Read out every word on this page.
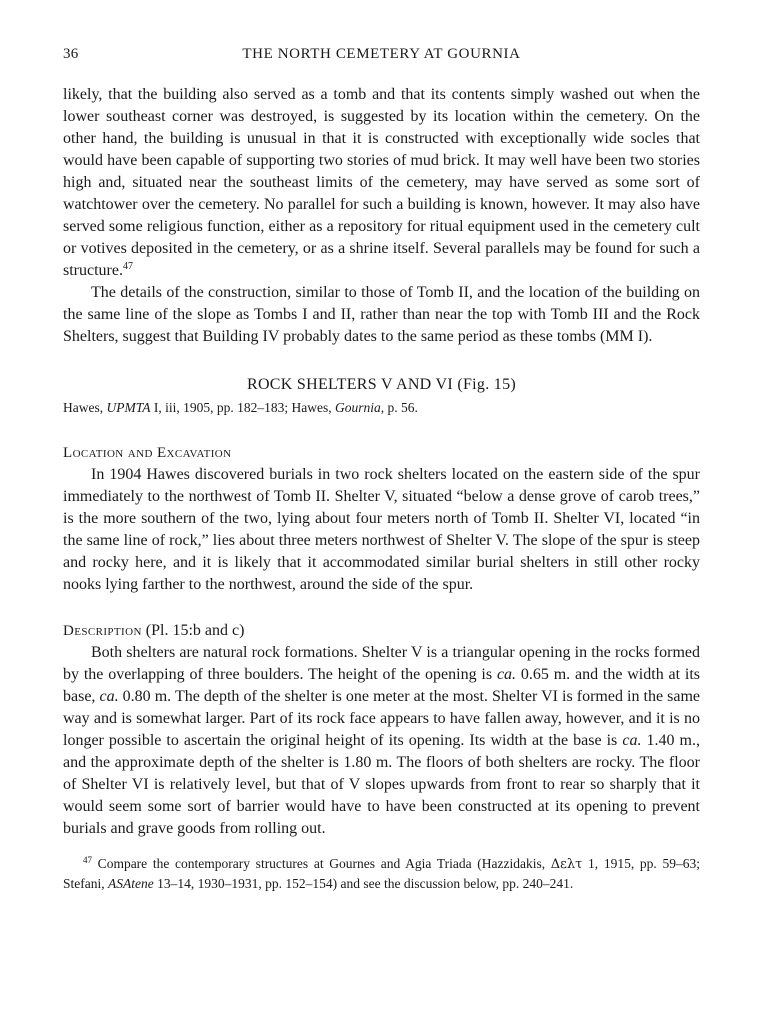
36	THE NORTH CEMETERY AT GOURNIA

likely, that the building also served as a tomb and that its contents simply washed out when the lower southeast corner was destroyed, is suggested by its location within the cemetery. On the other hand, the building is unusual in that it is constructed with exceptionally wide socles that would have been capable of supporting two stories of mud brick. It may well have been two stories high and, situated near the southeast limits of the cemetery, may have served as some sort of watchtower over the cemetery. No parallel for such a building is known, however. It may also have served some religious function, either as a repository for ritual equipment used in the cemetery cult or votives deposited in the cemetery, or as a shrine itself. Several parallels may be found for such a structure.$^{47}$

The details of the construction, similar to those of Tomb II, and the location of the building on the same line of the slope as Tombs I and II, rather than near the top with Tomb III and the Rock Shelters, suggest that Building IV probably dates to the same period as these tombs (MM I).

ROCK SHELTERS V AND VI (Fig. 15)
Hawes, UPMTA I, iii, 1905, pp. 182–183; Hawes, Gournia, p. 56.
Location and Excavation

In 1904 Hawes discovered burials in two rock shelters located on the eastern side of the spur immediately to the northwest of Tomb II. Shelter V, situated “below a dense grove of carob trees,” is the more southern of the two, lying about four meters north of Tomb II. Shelter VI, located “in the same line of rock,” lies about three meters northwest of Shelter V. The slope of the spur is steep and rocky here, and it is likely that it accommodated similar burial shelters in still other rocky nooks lying farther to the northwest, around the side of the spur.

Description (Pl. 15:b and c)

Both shelters are natural rock formations. Shelter V is a triangular opening in the rocks formed by the overlapping of three boulders. The height of the opening is ca. 0.65 m. and the width at its base, ca. 0.80 m. The depth of the shelter is one meter at the most. Shelter VI is formed in the same way and is somewhat larger. Part of its rock face appears to have fallen away, however, and it is no longer possible to ascertain the original height of its opening. Its width at the base is ca. 1.40 m., and the approximate depth of the shelter is 1.80 m. The floors of both shelters are rocky. The floor of Shelter VI is relatively level, but that of V slopes upwards from front to rear so sharply that it would seem some sort of barrier would have to have been constructed at its opening to prevent burials and grave goods from rolling out.

$^{47}$ Compare the contemporary structures at Gournes and Agia Triada (Hazzidakis, Δελτ 1, 1915, pp. 59–63; Stefani, ASAtene 13–14, 1930–1931, pp. 152–154) and see the discussion below, pp. 240–241.
